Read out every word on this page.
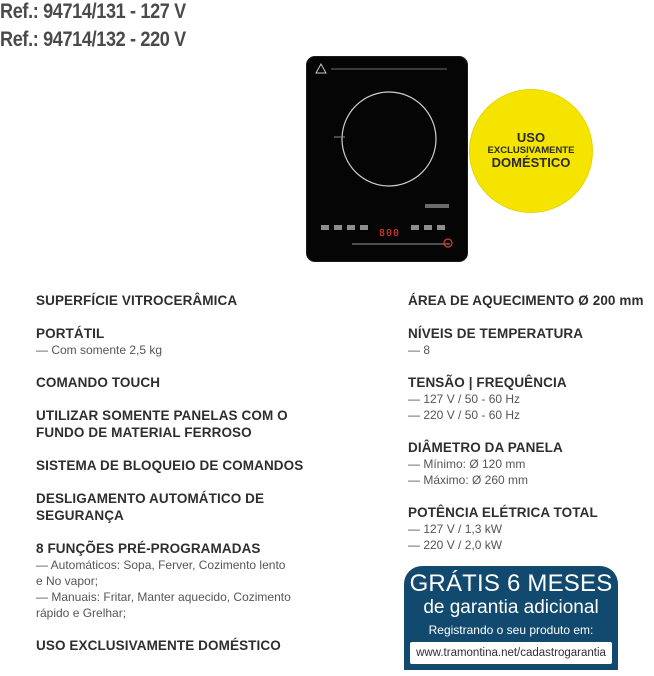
Ref.: 94714/131 - 127 V
Ref.: 94714/132 - 220 V
800
USO
EXCLUSIVAMENTE
DOMÉSTICO
SUPERFÍCIE VITROCERÂMICA
PORTÁTIL
— Com somente 2,5 kg
COMANDO TOUCH
UTILIZAR SOMENTE PANELAS COM O
FUNDO DE MATERIAL FERROSO
SISTEMA DE BLOQUEIO DE COMANDOS
DESLIGAMENTO AUTOMÁTICO DE
SEGURANÇA
8 FUNÇÕES PRÉ-PROGRAMADAS
— Automáticos: Sopa, Ferver, Cozimento lento
e No vapor;
— Manuais: Fritar, Manter aquecido, Cozimento
rápido e Grelhar;
USO EXCLUSIVAMENTE DOMÉSTICO
ÁREA DE AQUECIMENTO Ø 200 mm
NÍVEIS DE TEMPERATURA
— 8
TENSÃO | FREQUÊNCIA
— 127 V / 50 - 60 Hz
— 220 V / 50 - 60 Hz
DIÂMETRO DA PANELA
— Mínimo: Ø 120 mm
— Máximo: Ø 260 mm
POTÊNCIA ELÉTRICA TOTAL
— 127 V / 1,3 kW
— 220 V / 2,0 kW
GRÁTIS 6 MESES
de garantia adicional
Registrando o seu produto em:
www.tramontina.net/cadastrogarantia
